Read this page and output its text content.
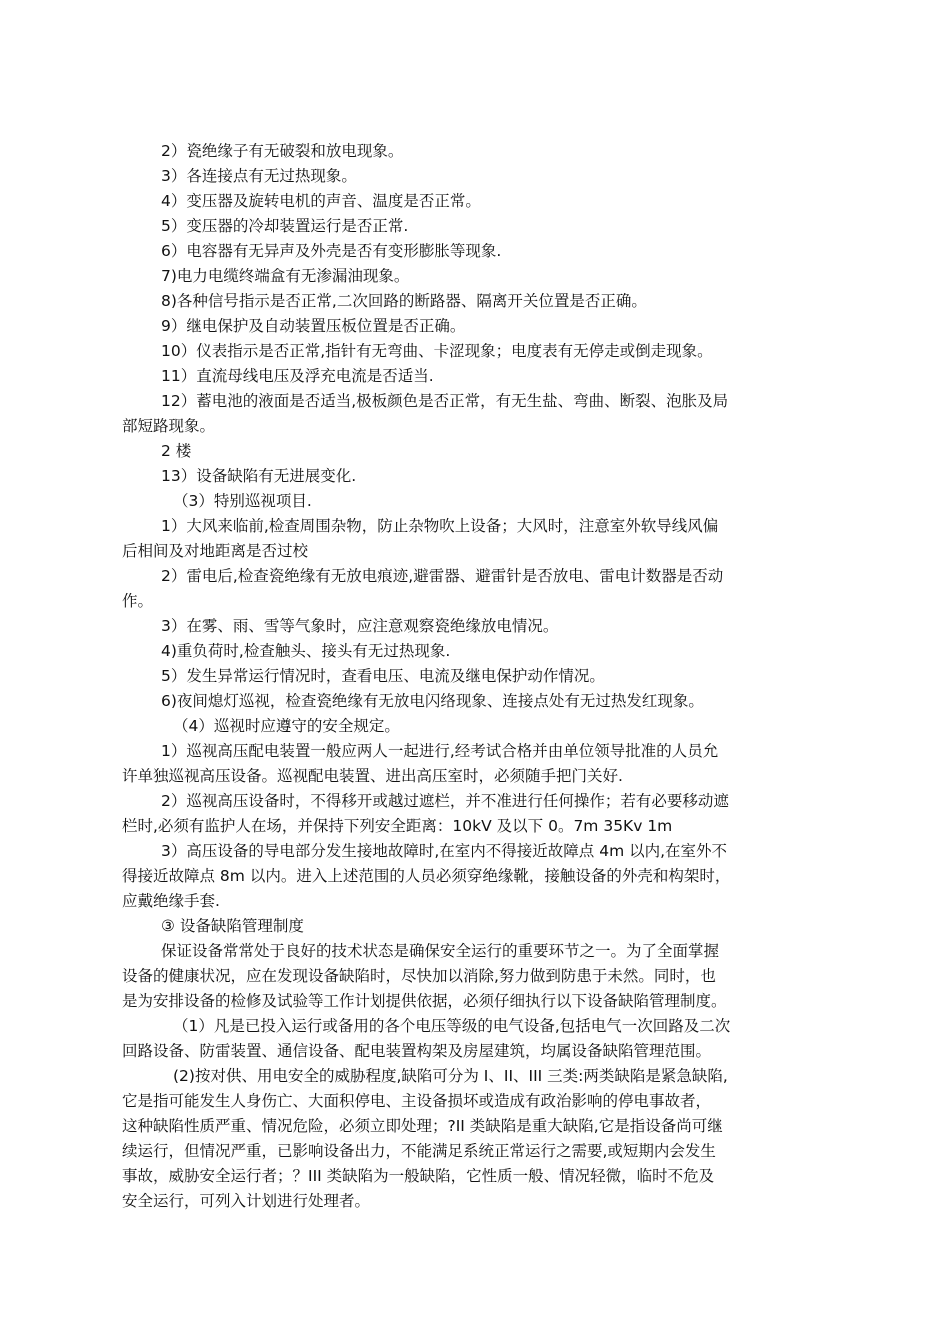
2）瓷绝缘子有无破裂和放电现象。
3）各连接点有无过热现象。
4）变压器及旋转电机的声音、温度是否正常。
5）变压器的冷却装置运行是否正常.
6）电容器有无异声及外壳是否有变形膨胀等现象.
7)电力电缆终端盒有无渗漏油现象。
8)各种信号指示是否正常,二次回路的断路器、隔离开关位置是否正确。
9）继电保护及自动装置压板位置是否正确。
10）仪表指示是否正常,指针有无弯曲、卡涩现象；电度表有无停走或倒走现象。
11）直流母线电压及浮充电流是否适当.
12）蓄电池的液面是否适当,极板颜色是否正常，有无生盐、弯曲、断裂、泡胀及局
部短路现象。
2 楼
13）设备缺陷有无进展变化.
（3）特别巡视项目.
1）大风来临前,检查周围杂物，防止杂物吹上设备；大风时，注意室外软导线风偏
后相间及对地距离是否过校
2）雷电后,检查瓷绝缘有无放电痕迹,避雷器、避雷针是否放电、雷电计数器是否动
作。
3）在雾、雨、雪等气象时，应注意观察瓷绝缘放电情况。
4)重负荷时,检查触头、接头有无过热现象.
5）发生异常运行情况时，查看电压、电流及继电保护动作情况。
6)夜间熄灯巡视，检查瓷绝缘有无放电闪络现象、连接点处有无过热发红现象。
（4）巡视时应遵守的安全规定。
1）巡视高压配电装置一般应两人一起进行,经考试合格并由单位领导批准的人员允
许单独巡视高压设备。巡视配电装置、进出高压室时，必须随手把门关好.
2）巡视高压设备时，不得移开或越过遮栏，并不准进行任何操作；若有必要移动遮
栏时,必须有监护人在场，并保持下列安全距离：10kV 及以下 0。7m 35Kv 1m
3）高压设备的导电部分发生接地故障时,在室内不得接近故障点 4m 以内,在室外不
得接近故障点 8m 以内。进入上述范围的人员必须穿绝缘靴，接触设备的外壳和构架时，
应戴绝缘手套.
③ 设备缺陷管理制度
保证设备常常处于良好的技术状态是确保安全运行的重要环节之一。为了全面掌握
设备的健康状况，应在发现设备缺陷时，尽快加以消除,努力做到防患于未然。同时，也
是为安排设备的检修及试验等工作计划提供依据，必须仔细执行以下设备缺陷管理制度。
（1）凡是已投入运行或备用的各个电压等级的电气设备,包括电气一次回路及二次
回路设备、防雷装置、通信设备、配电装置构架及房屋建筑，均属设备缺陷管理范围。
(2)按对供、用电安全的威胁程度,缺陷可分为 I、II、III 三类:两类缺陷是紧急缺陷,
它是指可能发生人身伤亡、大面积停电、主设备损坏或造成有政治影响的停电事故者，
这种缺陷性质严重、情况危险，必须立即处理；?II 类缺陷是重大缺陷,它是指设备尚可继
续运行，但情况严重，已影响设备出力，不能满足系统正常运行之需要,或短期内会发生
事故，威胁安全运行者；？III 类缺陷为一般缺陷，它性质一般、情况轻微，临时不危及
安全运行，可列入计划进行处理者。
